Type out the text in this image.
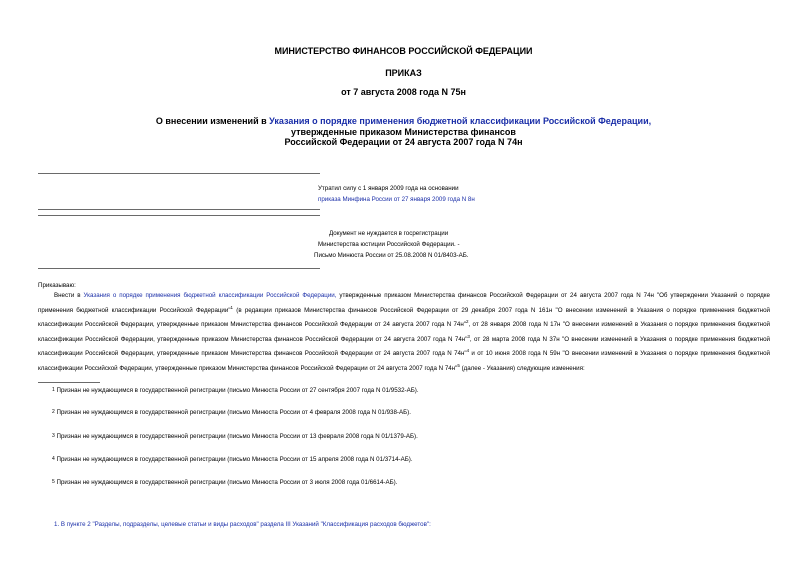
МИНИСТЕРСТВО ФИНАНСОВ РОССИЙСКОЙ ФЕДЕРАЦИИ
ПРИКАЗ
от 7 августа 2008 года N 75н
О внесении изменений в Указания о порядке применения бюджетной классификации Российской Федерации,
утвержденные приказом Министерства финансов
Российской Федерации от 24 августа 2007 года N 74н
Утратил силу с 1 января 2009 года на основании
приказа Минфина России от 27 января 2009 года N 8н
Документ не нуждается в госрегистрации
Министерства юстиции Российской Федерации. -
Письмо Минюста России от 25.08.2008 N 01/8403-АБ.
Приказываю:
Внести в Указания о порядке применения бюджетной классификации Российской Федерации, утвержденные приказом Министерства финансов Российской Федерации от 24 августа 2007 года N 74н "Об утверждении Указаний о порядке применения бюджетной классификации Российской Федерации"$^1$ (в редакции приказов Министерства финансов Российской Федерации от 29 декабря 2007 года N 161н "О внесении изменений в Указания о порядке применения бюджетной классификации Российской Федерации, утвержденные приказом Министерства финансов Российской Федерации от 24 августа 2007 года N 74н"$^2$, от 28 января 2008 года N 17н "О внесении изменений в Указания о порядке применения бюджетной классификации Российской Федерации, утвержденные приказом Министерства финансов Российской Федерации от 24 августа 2007 года N 74н"$^3$, от 28 марта 2008 года N 37н "О внесении изменений в Указания о порядке применения бюджетной классификации Российской Федерации, утвержденные приказом Министерства финансов Российской Федерации от 24 августа 2007 года N 74н"$^4$ и от 10 июня 2008 года N 59н "О внесении изменений в Указания о порядке применения бюджетной классификации Российской Федерации, утвержденные приказом Министерства финансов Российской Федерации от 24 августа 2007 года N 74н"$^5$ (далее - Указания) следующие изменения:
$^1$ Признан не нуждающимся в государственной регистрации (письмо Минюста России от 27 сентября 2007 года N 01/9532-АБ).
$^2$ Признан не нуждающимся в государственной регистрации (письмо Минюста России от 4 февраля 2008 года N 01/938-АБ).
$^3$ Признан не нуждающимся в государственной регистрации (письмо Минюста России от 13 февраля 2008 года N 01/1379-АБ).
$^4$ Признан не нуждающимся в государственной регистрации (письмо Минюста России от 15 апреля 2008 года N 01/3714-АБ).
$^5$ Признан не нуждающимся в государственной регистрации (письмо Минюста России от 3 июля 2008 года 01/6614-АБ).
1. В пункте 2 "Разделы, подразделы, целевые статьи и виды расходов" раздела III Указаний "Классификация расходов бюджетов":
